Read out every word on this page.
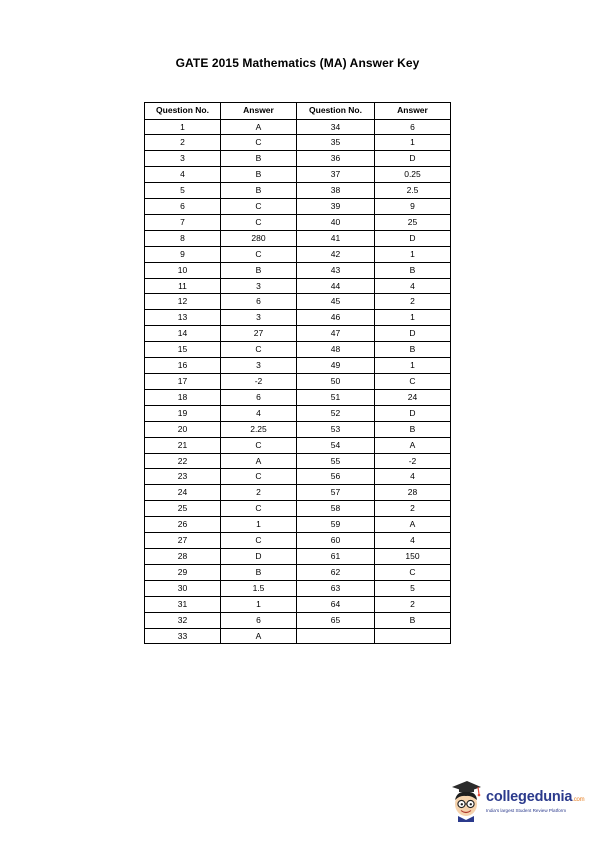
GATE 2015 Mathematics (MA) Answer Key
Question No.	Answer	Question No.	Answer
1	A	34	6
2	C	35	1
3	B	36	D
4	B	37	0.25
5	B	38	2.5
6	C	39	9
7	C	40	25
8	280	41	D
9	C	42	1
10	B	43	B
11	3	44	4
12	6	45	2
13	3	46	1
14	27	47	D
15	C	48	B
16	3	49	1
17	-2	50	C
18	6	51	24
19	4	52	D
20	2.25	53	B
21	C	54	A
22	A	55	-2
23	C	56	4
24	2	57	28
25	C	58	2
26	1	59	A
27	C	60	4
28	D	61	150
29	B	62	C
30	1.5	63	5
31	1	64	2
32	6	65	B
33	A		
collegedunia.com
India's largest Student Review Platform
